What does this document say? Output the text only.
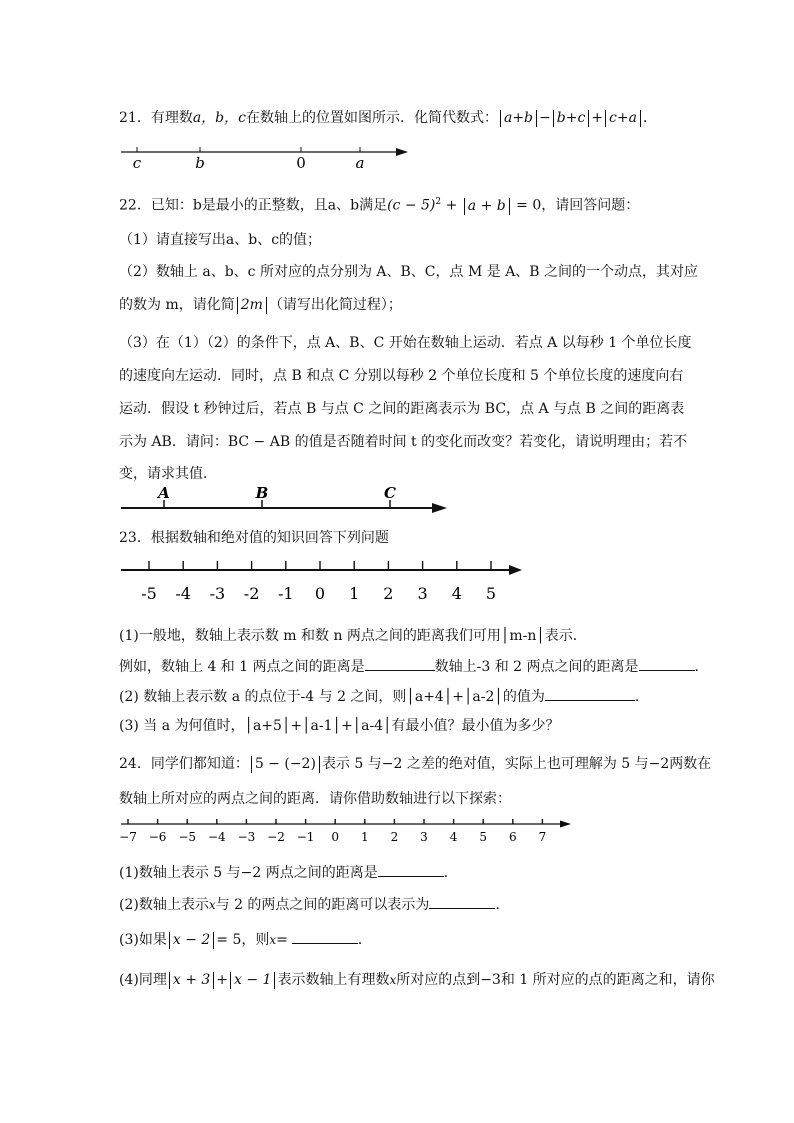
21．有理数a，b，c在数轴上的位置如图所示．化简代数式： a+b − b+c + c+a ．
c	b	0	a
A	B	C
-5 -4 -3 -2 -1 0 1 2 3 4 5
−7 −6 −5 −4 −3 −2 −1 0 1 2 3 4 5 6 7
22．已知：b是最小的正整数，且a、b满足$(c - 5)^2 + a + b = 0$，请回答问题：
（1）请直接写出a、b、c的值；
（2）数轴上 a、b、c 所对应的点分别为 A、B、C，点 M 是 A、B 之间的一个动点，其对应
的数为 m，请化简 2m （请写出化简过程）；
（3）在（1）（2）的条件下，点 A、B、C 开始在数轴上运动．若点 A 以每秒 1 个单位长度
的速度向左运动．同时，点 B 和点 C 分别以每秒 2 个单位长度和 5 个单位长度的速度向右
运动．假设 t 秒钟过后，若点 B 与点 C 之间的距离表示为 BC，点 A 与点 B 之间的距离表
示为 AB．请问：BC − AB 的值是否随着时间 t 的变化而改变？若变化，请说明理由；若不
变，请求其值．
23．根据数轴和绝对值的知识回答下列问题
(1)一般地，数轴上表示数 m 和数 n 两点之间的距离我们可用│m-n│表示．
例如，数轴上 4 和 1 两点之间的距离是	数轴上-3 和 2 两点之间的距离是	.
(2) 数轴上表示数 a 的点位于-4 与 2 之间，则│a+4│+│a-2│的值为	.
(3) 当 a 为何值时，│a+5│+│a-1│+│a-4│有最小值？最小值为多少？
24．同学们都知道： 5 − (−2) 表示 5 与−2 之差的绝对值，实际上也可理解为 5 与−2两数在
数轴上所对应的两点之间的距离．请你借助数轴进行以下探索：
(1)数轴上表示 5 与−2 两点之间的距离是	．
(2)数轴上表示x与 2 的两点之间的距离可以表示为	．
(3)如果 x − 2 = 5，则x=	．
(4)同理 x + 3 + x − 1 表示数轴上有理数x所对应的点到−3和 1 所对应的点的距离之和，请你
